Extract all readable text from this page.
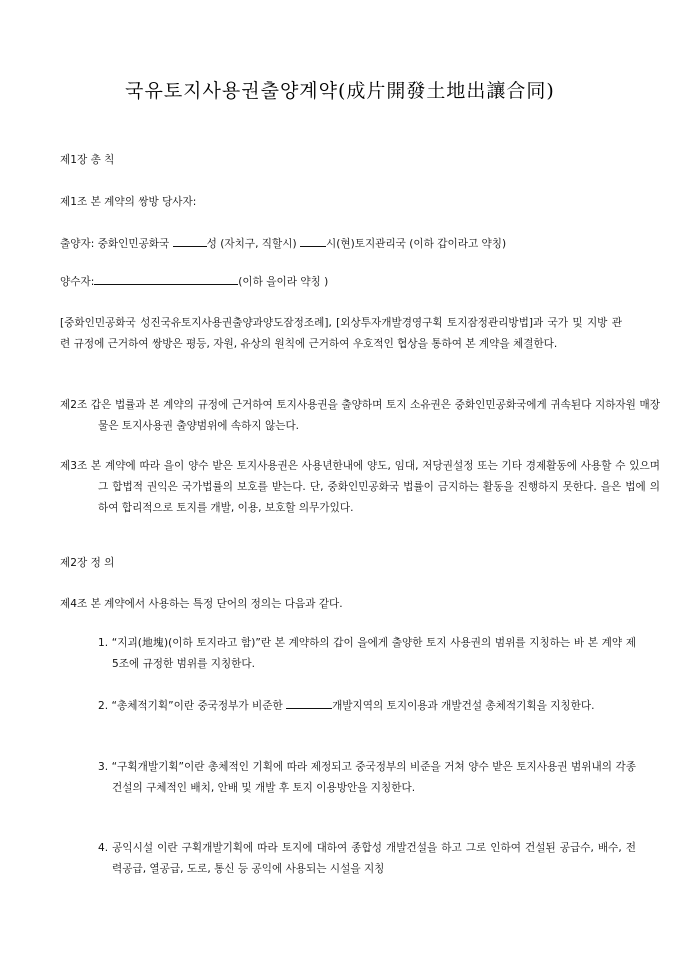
국유토지사용권출양계약(成片開發土地出讓合同)

제1장 총 칙

제1조 본 계약의 쌍방 당사자:

출양자: 중화인민공화국	성 (자치구, 직할시) 시(현)토지관리국 (이하 갑이라고 약칭)

양수자:	(이하 을이라 약칭 )

[중화인민공화국 성진국유토지사용권출양과양도잠정조례], [외상투자개발경영구획 토지잠정관리방법]과 국가 및 지방 관련 규정에 근거하여 쌍방은 평등, 자원, 유상의 원칙에 근거하여 우호적인 협상을 통하여 본 계약을 체결한다.

제2조 갑은 법률과 본 계약의 규정에 근거하여 토지사용권을 출양하며 토지 소유권은 중화인민공화국에게 귀속된다 지하자원 매장물은 토지사용권 출양범위에 속하지 않는다.

제3조 본 계약에 따라 을이 양수 받은 토지사용권은 사용년한내에 양도, 임대, 저당권설정 또는 기타 경제활동에 사용할 수 있으며 그 합법적 권익은 국가법률의 보호를 받는다. 단, 중화인민공화국 법률이 금지하는 활동을 진행하지 못한다. 을은 법에 의하여 합리적으로 토지를 개발, 이용, 보호할 의무가있다.

제2장 정 의

제4조 본 계약에서 사용하는 특정 단어의 정의는 다음과 같다.

1. “지괴(地塊)(이하 토지라고 함)”란 본 계약하의 갑이 을에게 출양한 토지 사용권의 범위를 지칭하는 바 본 계약 제5조에 규정한 범위를 지칭한다.

2. “총체적기획”이란 중국정부가 비준한	개발지역의 토지이용과 개발건설 총체적기획을 지칭한다.

3. “구획개발기획”이란 총체적인 기획에 따라 제정되고 중국정부의 비준을 거쳐 양수 받은 토지사용권 범위내의 각종 건설의 구체적인 배치, 안배 및 개발 후 토지 이용방안을 지칭한다.

4. 공익시설 이란 구획개발기획에 따라 토지에 대하여 종합성 개발건설을 하고 그로 인하여 건설된 공급수, 배수, 전력공급, 열공급, 도로, 통신 등 공익에 사용되는 시설을 지칭
